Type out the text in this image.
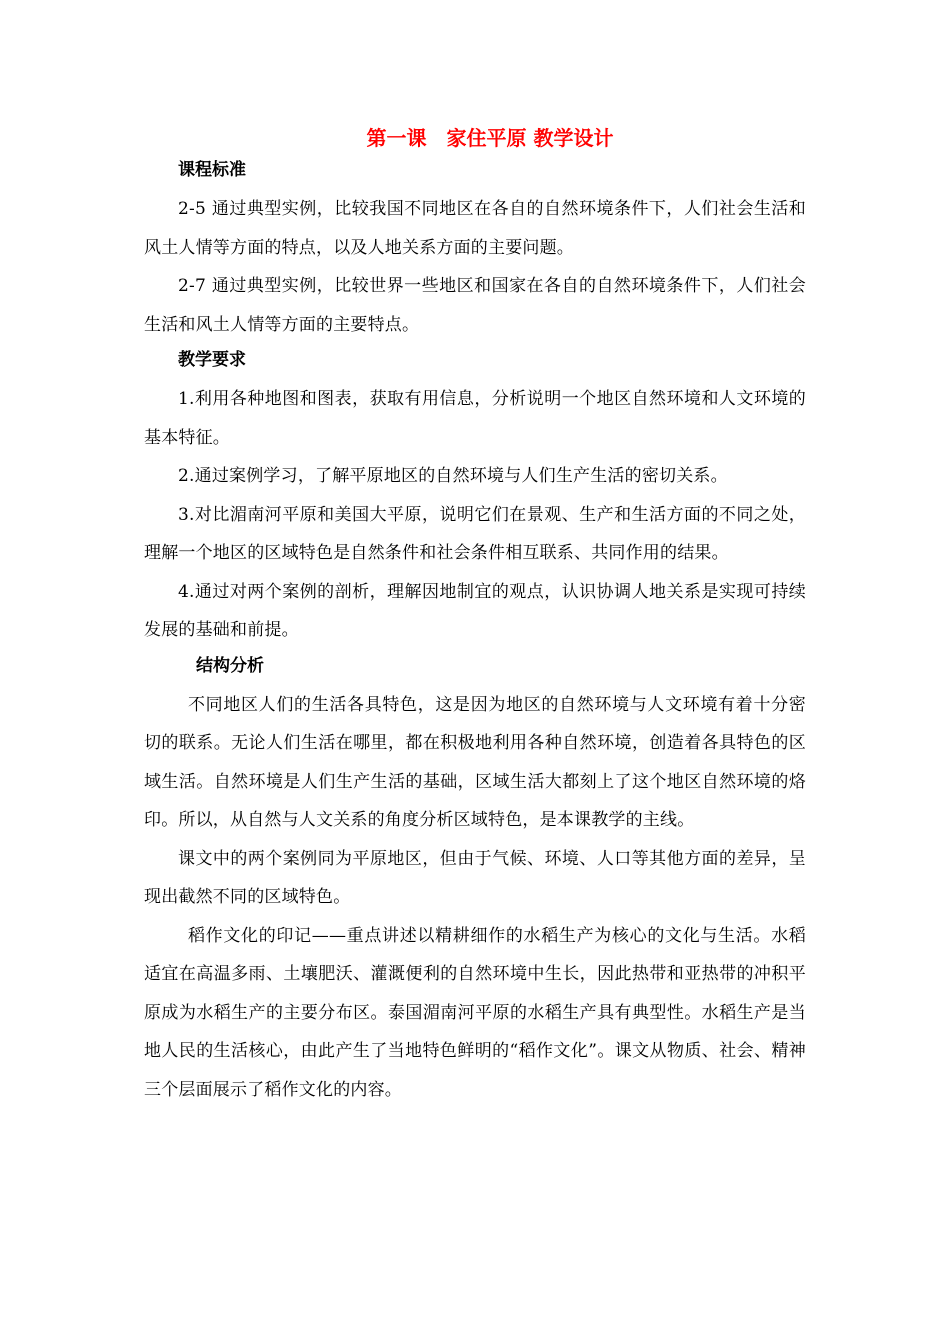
第一课　家住平原 教学设计
课程标准

2-5 通过典型实例，比较我国不同地区在各自的自然环境条件下，人们社会生活和风土人情等方面的特点，以及人地关系方面的主要问题。

2-7 通过典型实例，比较世界一些地区和国家在各自的自然环境条件下，人们社会生活和风土人情等方面的主要特点。

教学要求

1.利用各种地图和图表，获取有用信息，分析说明一个地区自然环境和人文环境的基本特征。

2.通过案例学习，了解平原地区的自然环境与人们生产生活的密切关系。

3.对比湄南河平原和美国大平原，说明它们在景观、生产和生活方面的不同之处，理解一个地区的区域特色是自然条件和社会条件相互联系、共同作用的结果。

4.通过对两个案例的剖析，理解因地制宜的观点，认识协调人地关系是实现可持续发展的基础和前提。

结构分析

不同地区人们的生活各具特色，这是因为地区的自然环境与人文环境有着十分密切的联系。无论人们生活在哪里，都在积极地利用各种自然环境，创造着各具特色的区域生活。自然环境是人们生产生活的基础，区域生活大都刻上了这个地区自然环境的烙印。所以，从自然与人文关系的角度分析区域特色，是本课教学的主线。

课文中的两个案例同为平原地区，但由于气候、环境、人口等其他方面的差异，呈现出截然不同的区域特色。

稻作文化的印记——重点讲述以精耕细作的水稻生产为核心的文化与生活。水稻适宜在高温多雨、土壤肥沃、灌溉便利的自然环境中生长，因此热带和亚热带的冲积平原成为水稻生产的主要分布区。泰国湄南河平原的水稻生产具有典型性。水稻生产是当地人民的生活核心，由此产生了当地特色鲜明的“稻作文化”。课文从物质、社会、精神三个层面展示了稻作文化的内容。
